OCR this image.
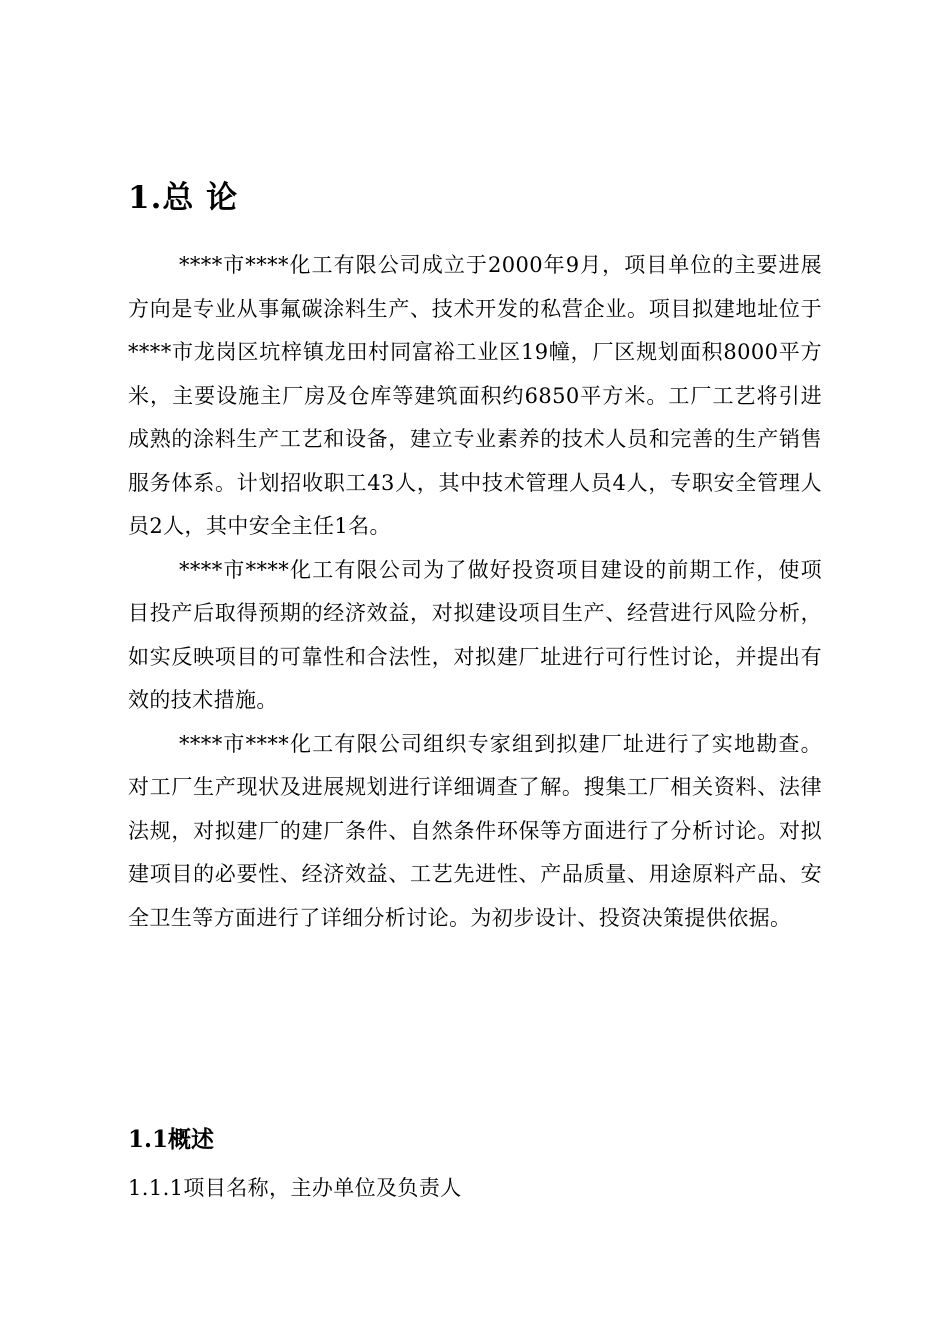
1.总 论

****市****化工有限公司成立于2000年9月，项目单位的主要进展方向是专业从事氟碳涂料生产、技术开发的私营企业。项目拟建地址位于****市龙岗区坑梓镇龙田村同富裕工业区19幢，厂区规划面积8000平方米，主要设施主厂房及仓库等建筑面积约6850平方米。工厂工艺将引进成熟的涂料生产工艺和设备，建立专业素养的技术人员和完善的生产销售服务体系。计划招收职工43人，其中技术管理人员4人，专职安全管理人员2人，其中安全主任1名。

****市****化工有限公司为了做好投资项目建设的前期工作，使项目投产后取得预期的经济效益，对拟建设项目生产、经营进行风险分析，如实反映项目的可靠性和合法性，对拟建厂址进行可行性讨论，并提出有效的技术措施。

****市****化工有限公司组织专家组到拟建厂址进行了实地勘查。对工厂生产现状及进展规划进行详细调查了解。搜集工厂相关资料、法律法规，对拟建厂的建厂条件、自然条件环保等方面进行了分析讨论。对拟建项目的必要性、经济效益、工艺先进性、产品质量、用途原料产品、安全卫生等方面进行了详细分析讨论。为初步设计、投资决策提供依据。

1.1概述
1.1.1项目名称，主办单位及负责人
